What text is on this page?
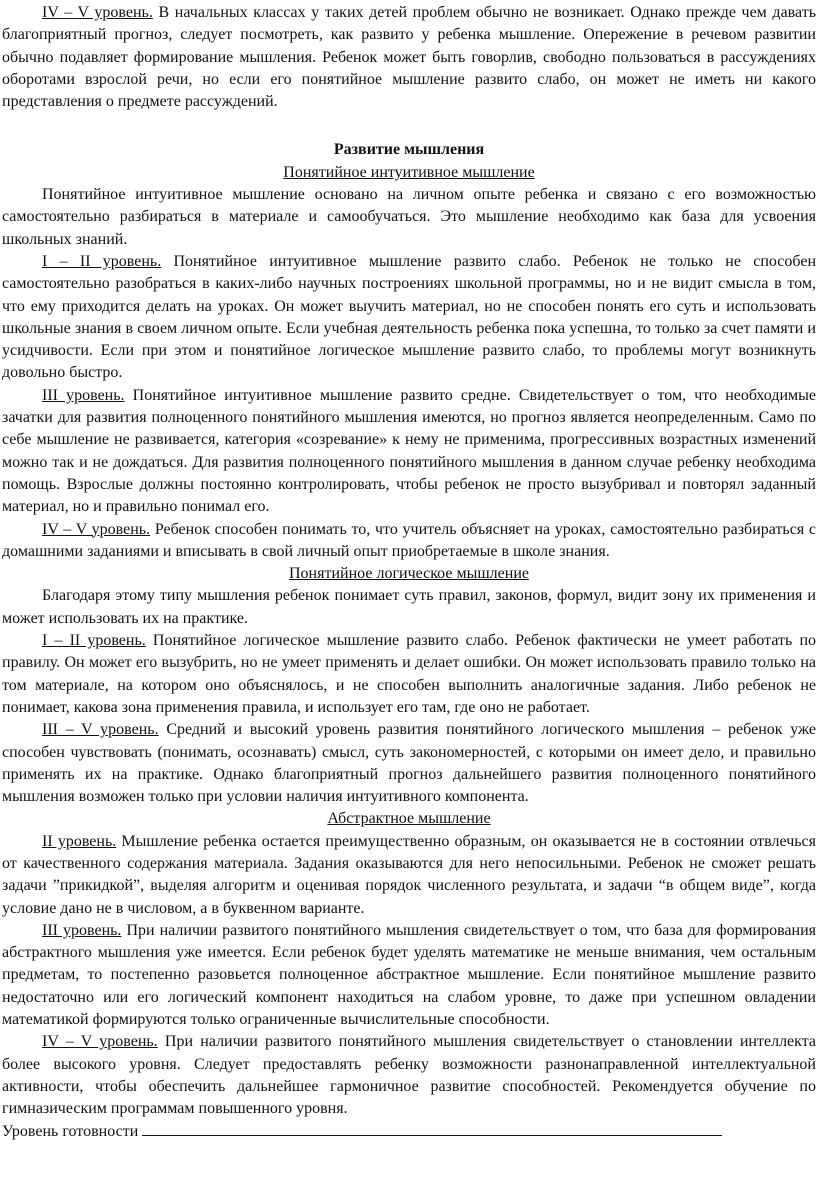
IV – V уровень. В начальных классах у таких детей проблем обычно не возникает. Однако прежде чем давать благоприятный прогноз, следует посмотреть, как развито у ребенка мышление. Опережение в речевом развитии обычно подавляет формирование мышления. Ребенок может быть говорлив, свободно пользоваться в рассуждениях оборотами взрослой речи, но если его понятийное мышление развито слабо, он может не иметь ни какого представления о предмете рассуждений.

Развитие мышления

Понятийное интуитивное мышление

Понятийное интуитивное мышление основано на личном опыте ребенка и связано с его возможностью самостоятельно разбираться в материале и самообучаться. Это мышление необходимо как база для усвоения школьных знаний.

I – II уровень. Понятийное интуитивное мышление развито слабо. Ребенок не только не способен самостоятельно разобраться в каких-либо научных построениях школьной программы, но и не видит смысла в том, что ему приходится делать на уроках. Он может выучить материал, но не способен понять его суть и использовать школьные знания в своем личном опыте. Если учебная деятельность ребенка пока успешна, то только за счет памяти и усидчивости. Если при этом и понятийное логическое мышление развито слабо, то проблемы могут возникнуть довольно быстро.

III уровень. Понятийное интуитивное мышление развито средне. Свидетельствует о том, что необходимые зачатки для развития полноценного понятийного мышления имеются, но прогноз является неопределенным. Само по себе мышление не развивается, категория «созревание» к нему не применима, прогрессивных возрастных изменений можно так и не дождаться. Для развития полноценного понятийного мышления в данном случае ребенку необходима помощь. Взрослые должны постоянно контролировать, чтобы ребенок не просто вызубривал и повторял заданный материал, но и правильно понимал его.

IV – V уровень. Ребенок способен понимать то, что учитель объясняет на уроках, самостоятельно разбираться с домашними заданиями и вписывать в свой личный опыт приобретаемые в школе знания.

Понятийное логическое мышление

Благодаря этому типу мышления ребенок понимает суть правил, законов, формул, видит зону их применения и может использовать их на практике.

I – II уровень. Понятийное логическое мышление развито слабо. Ребенок фактически не умеет работать по правилу. Он может его вызубрить, но не умеет применять и делает ошибки. Он может использовать правило только на том материале, на котором оно объяснялось, и не способен выполнить аналогичные задания. Либо ребенок не понимает, какова зона применения правила, и использует его там, где оно не работает.

III – V уровень. Средний и высокий уровень развития понятийного логического мышления – ребенок уже способен чувствовать (понимать, осознавать) смысл, суть закономерностей, с которыми он имеет дело, и правильно применять их на практике. Однако благоприятный прогноз дальнейшего развития полноценного понятийного мышления возможен только при условии наличия интуитивного компонента.

Абстрактное мышление

II уровень. Мышление ребенка остается преимущественно образным, он оказывается не в состоянии отвлечься от качественного содержания материала. Задания оказываются для него непосильными. Ребенок не сможет решать задачи ”прикидкой”, выделяя алгоритм и оценивая порядок численного результата, и задачи “в общем виде”, когда условие дано не в числовом, а в буквенном варианте.

III уровень. При наличии развитого понятийного мышления свидетельствует о том, что база для формирования абстрактного мышления уже имеется. Если ребенок будет уделять математике не меньше внимания, чем остальным предметам, то постепенно разовьется полноценное абстрактное мышление. Если понятийное мышление развито недостаточно или его логический компонент находиться на слабом уровне, то даже при успешном овладении математикой формируются только ограниченные вычислительные способности.

IV – V уровень. При наличии развитого понятийного мышления свидетельствует о становлении интеллекта более высокого уровня. Следует предоставлять ребенку возможности разнонаправленной интеллектуальной активности, чтобы обеспечить дальнейшее гармоничное развитие способностей. Рекомендуется обучение по гимназическим программам повышенного уровня.

Уровень готовности
